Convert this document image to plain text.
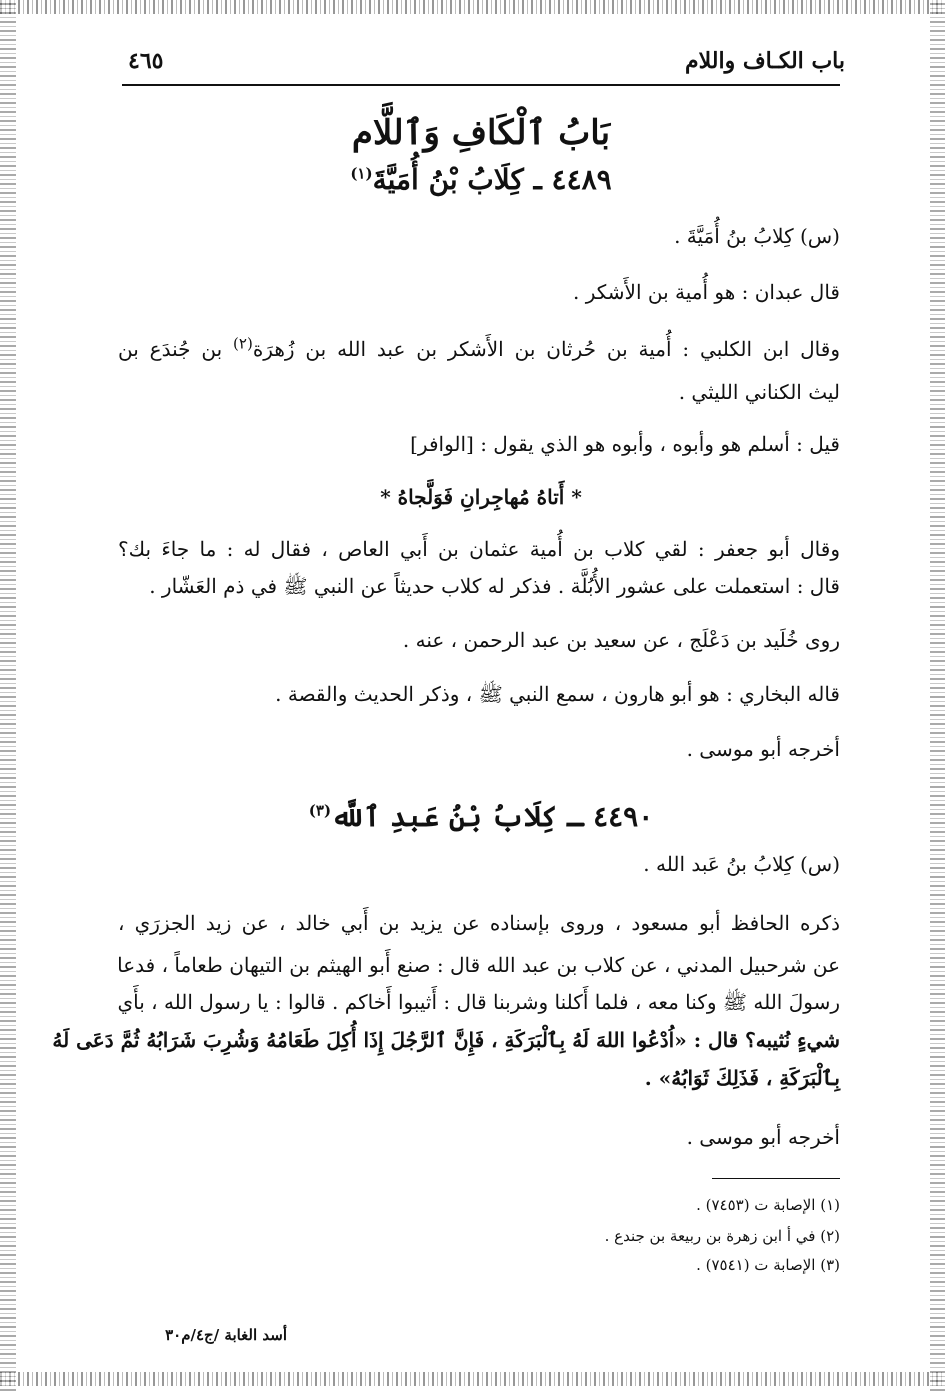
باب الكـاف واللام
٤٦٥
بَابُ ٱلْكَافِ وَٱللَّام
٤٤٨٩ ـ كِلَابُ بْنُ أُمَيَّةَ$^{(١)}$
(س) كِلابُ بنُ أُمَيَّةَ .
قال عبدان : هو أُمية بن الأَشكر .
وقال ابن الكلبي : أُمية بن حُرثان بن الأَشكر بن عبد الله بن زُهرَة$^{(٢)}$ بن جُندَع بن
ليث الكناني الليثي .
قيل : أسلم هو وأبوه ، وأبوه هو الذي يقول : [الوافر]
* أَتاهُ مُهاجِرانِ فَوَلَّجاهُ *
وقال أبو جعفر : لقي كلاب بن أُمية عثمان بن أَبي العاص ، فقال له : ما جاءَ بك؟
قال : استعملت على عشور الأُبُلَّة . فذكر له كلاب حديثاً عن النبي ﷺ في ذم العَشّار .
روى خُلَيد بن دَعْلَج ، عن سعيد بن عبد الرحمن ، عنه .
قاله البخاري : هو أبو هارون ، سمع النبي ﷺ ، وذكر الحديث والقصة .
أخرجه أبو موسى .
٤٤٩٠ ـ كِلَابُ بْنُ عَبدِ ٱللَّه$^{(٣)}$
(س) كِلابُ بنُ عَبد الله .
ذكره الحافظ أبو مسعود ، وروى بإسناده عن يزيد بن أَبي خالد ، عن زيد الجزرَي ،
عن شرحبيل المدني ، عن كلاب بن عبد الله قال : صنع أَبو الهيثم بن التيهان طعاماً ، فدعا
رسولَ الله ﷺ وكنا معه ، فلما أَكلنا وشربنا قال : أَثيبوا أَخاكم . قالوا : يا رسول الله ، بأَي
شيءٍ نُثيبه؟ قال : «اُدْعُوا اللهَ لَهُ بِٱلْبَرَكَةِ ، فَإِنَّ ٱلرَّجُلَ إِذَا أُكِلَ طَعَامُهُ وَشُرِبَ شَرَابُهُ ثُمَّ دَعَى لَهُ
بِٱلْبَرَكَةِ ، فَذَلِكَ ثَوَابُهُ» .
أخرجه أبو موسى .
(١) الإصابة ت (٧٤٥٣) .
(٢) في أ ابن زهرة بن ربيعة بن جندع .
(٣) الإصابة ت (٧٥٤١) .
أسد الغابة /ج٤/م٣٠
